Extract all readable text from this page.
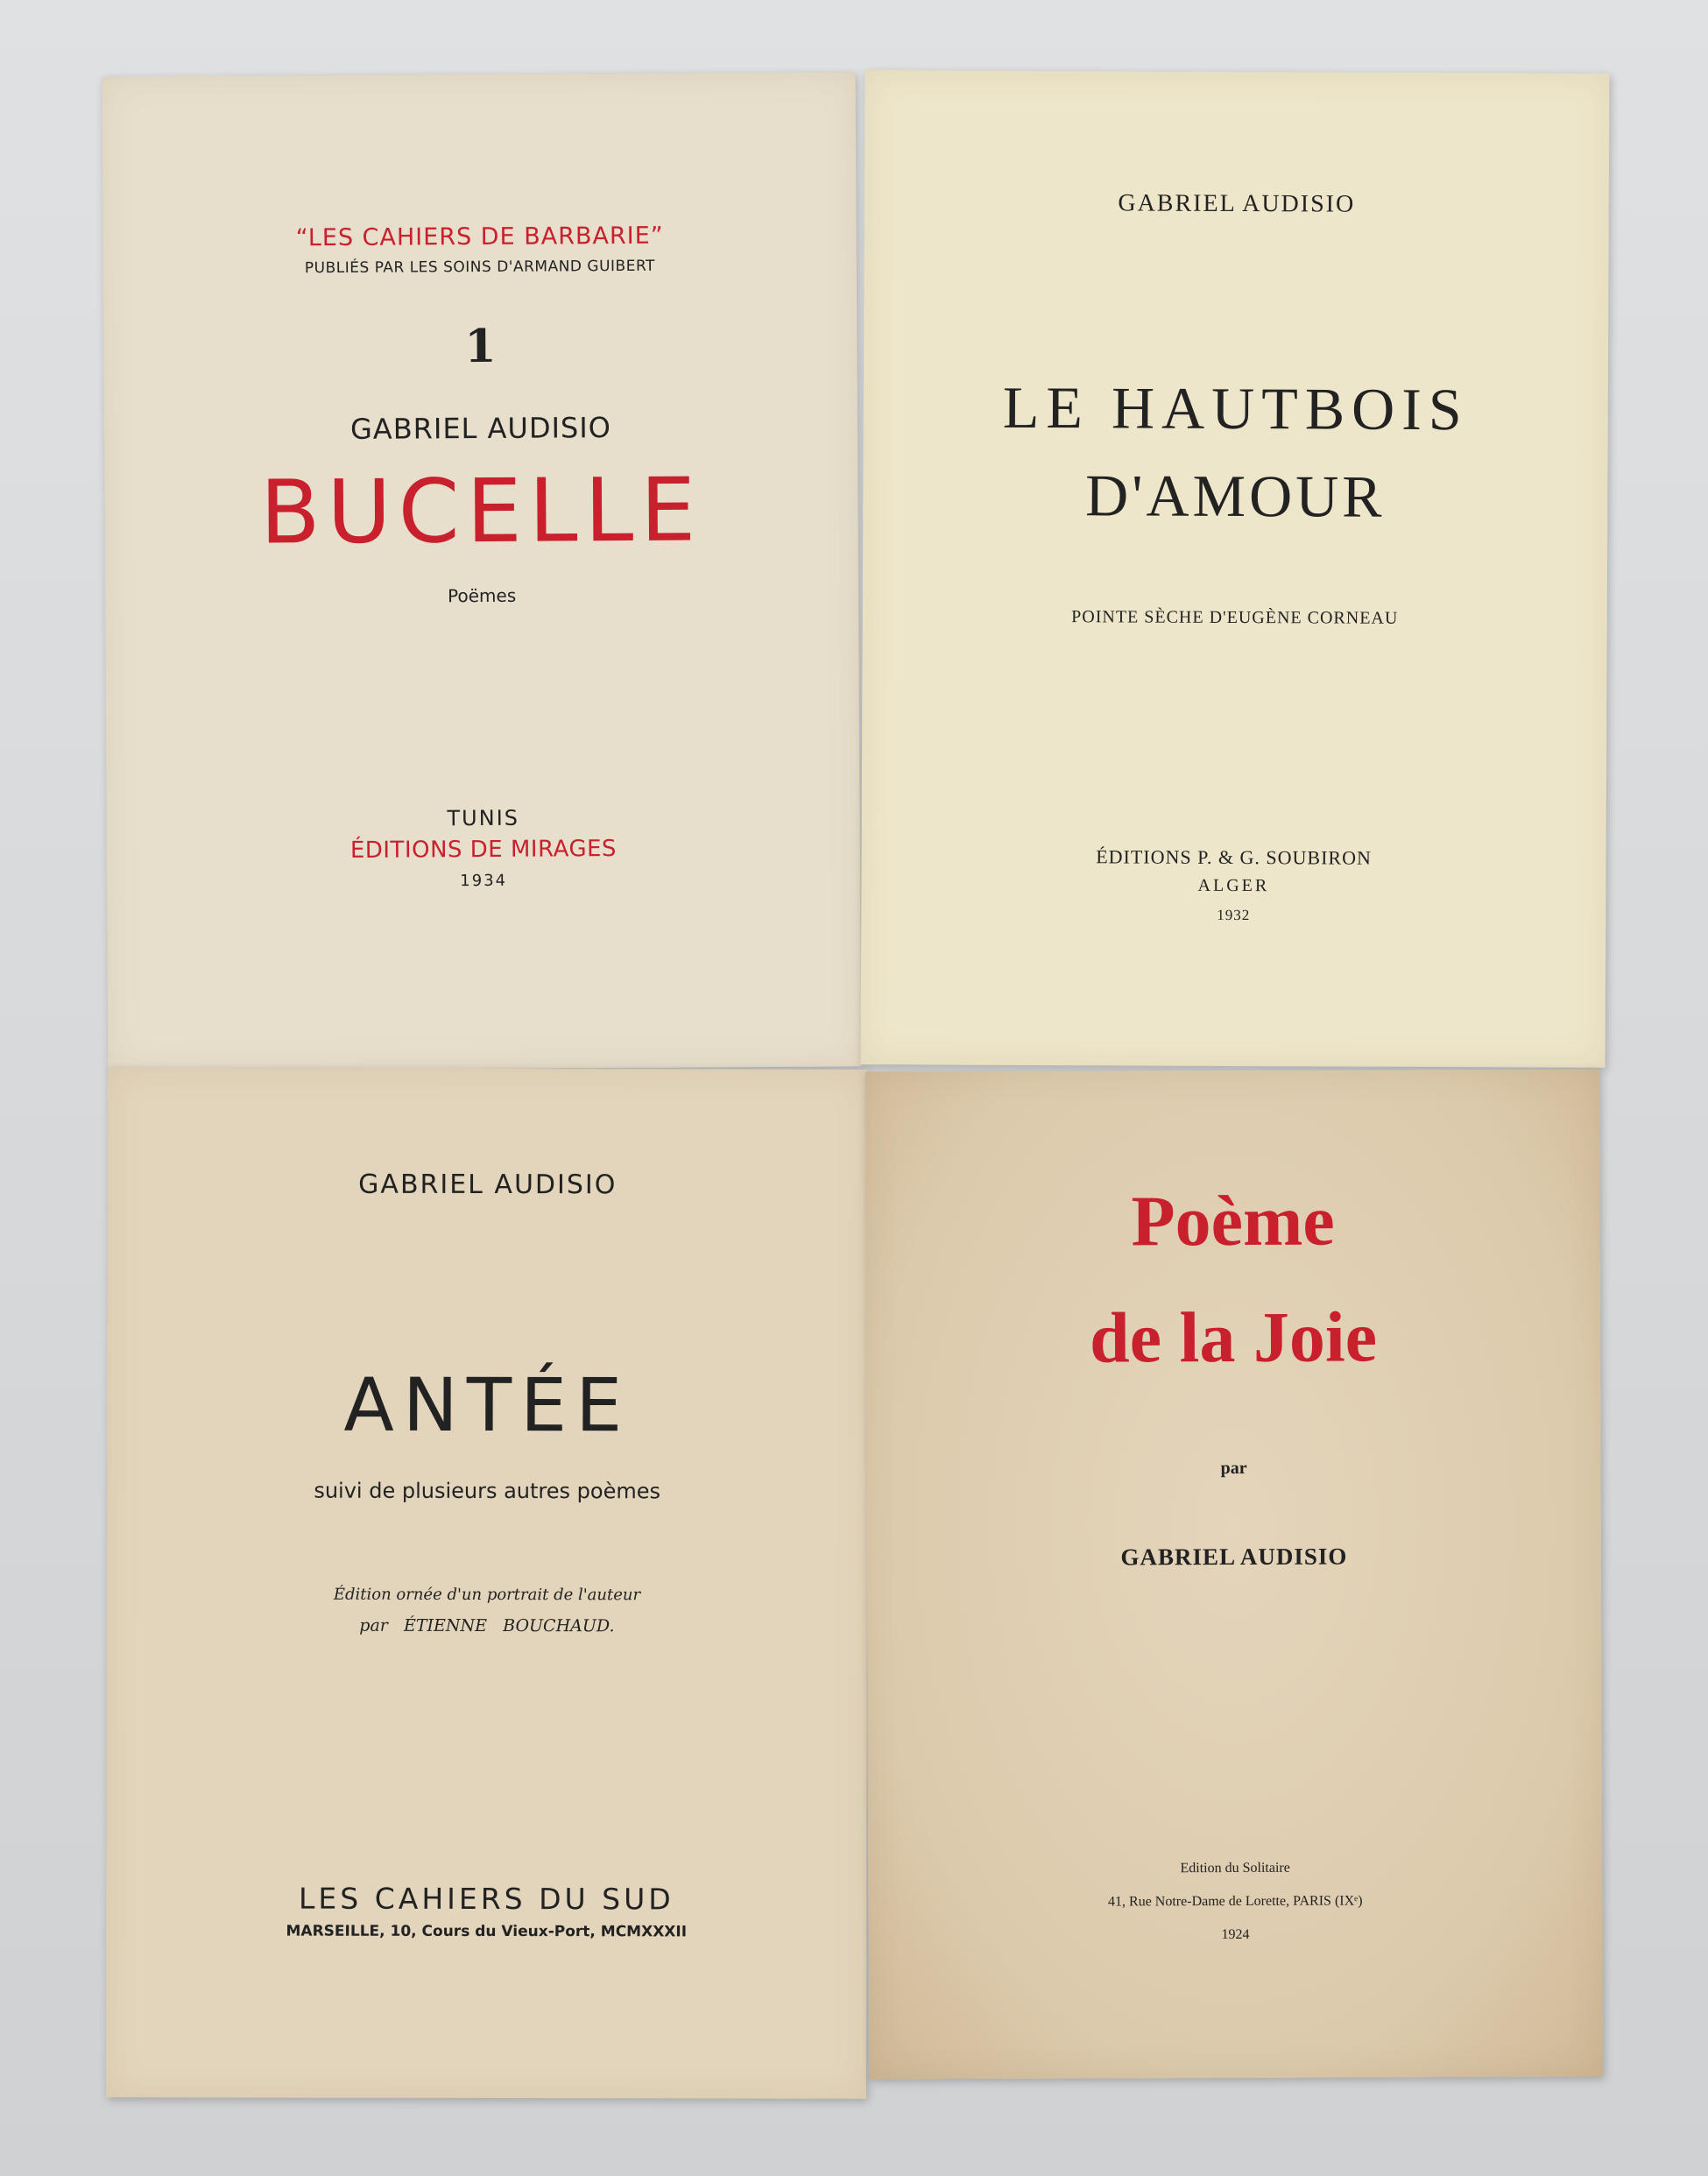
“LES CAHIERS DE BARBARIE”

PUBLIÉS PAR LES SOINS D'ARMAND GUIBERT

1

GABRIEL AUDISIO

BUCELLE

Poëmes

TUNIS

ÉDITIONS DE MIRAGES

1934

GABRIEL AUDISIO

LE HAUTBOIS

D'AMOUR

POINTE SÈCHE D'EUGÈNE CORNEAU

ÉDITIONS P. & G. SOUBIRON

ALGER

1932

GABRIEL AUDISIO

ANTÉE

suivi de plusieurs autres poèmes

Édition ornée d'un portrait de l'auteur

par   ÉTIENNE   BOUCHAUD.

LES CAHIERS DU SUD

MARSEILLE, 10, Cours du Vieux-Port, MCMXXXII

Poème

de la Joie

par

GABRIEL AUDISIO

Edition du Solitaire

41, Rue Notre-Dame de Lorette, PARIS (IXᵉ)

1924
